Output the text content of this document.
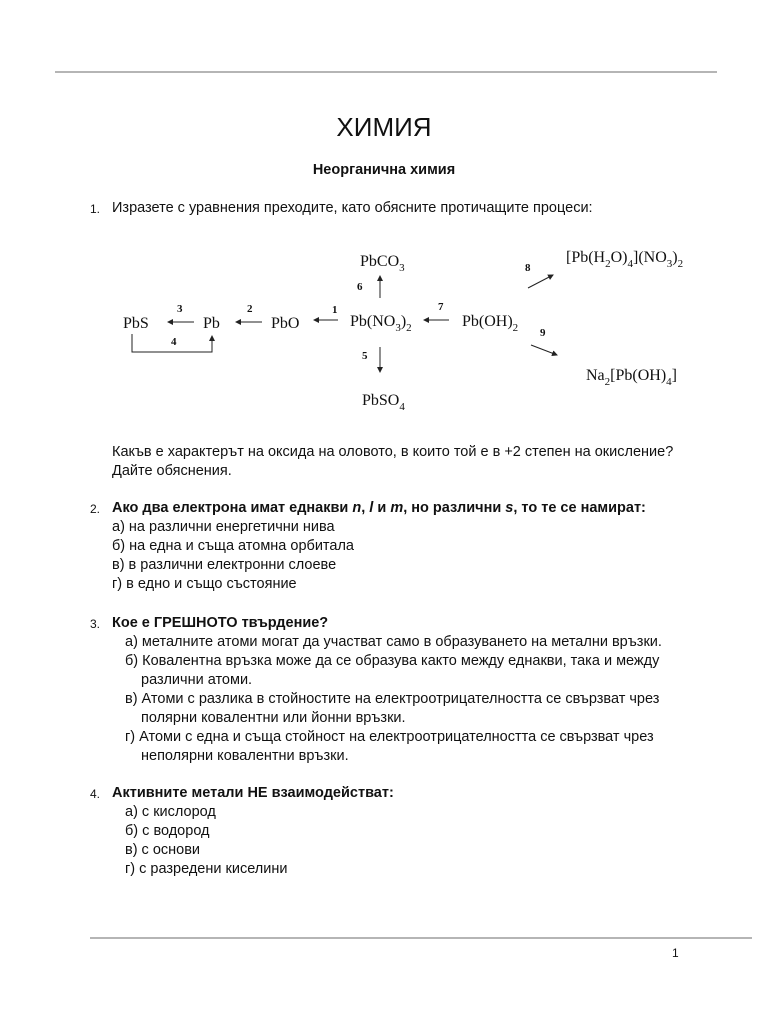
ХИМИЯ
Неорганична химия
1. Изразете с уравнения преходите, като обясните протичащите процеси:
PbS	Pb	PbO	$Pb(NO_3)_2$	$Pb(OH)_2$
PbCO$_3$
PbSO$_4$
$[Pb(H_2O)_4](NO_3)_2$
$Na_2[Pb(OH)_4]$
1
2
3
4
5
6
7
8
9
Какъв е характерът на оксида на оловото, в които той е в +2 степен на окисление?
Дайте обяснения.
2. Ако два електрона имат еднакви n, l и m, но различни s, то те се намират:
а) на различни енергетични нива
б) на една и съща атомна орбитала
в) в различни електронни слоеве
г) в едно и също състояние
3. Кое е ГРЕШНОТО твърдение?
а) металните атоми могат да участват само в образуването на метални връзки.
б) Ковалентна връзка може да се образува както между еднакви, така и между
различни атоми.
в) Атоми с разлика в стойностите на електроотрицателността се свързват чрез
полярни ковалентни или йонни връзки.
г) Атоми с една и съща стойност на електроотрицателността се свързват чрез
неполярни ковалентни връзки.
4. Активните метали НЕ взаимодействат:
а) с кислород
б) с водород
в) с основи
г) с разредени киселини
1
